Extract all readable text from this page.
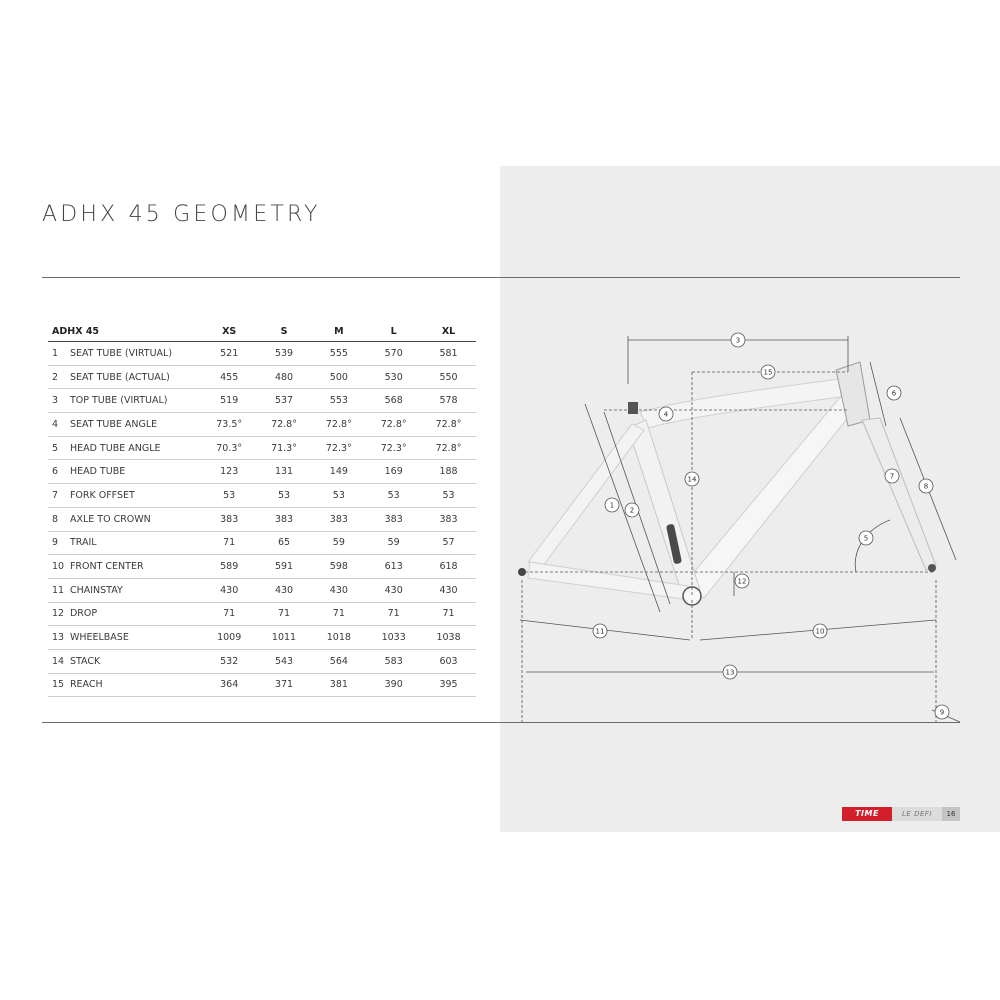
ADHX 45 GEOMETRY
ADHX 45		XS	S	M	L	XL
1	SEAT TUBE (VIRTUAL)	521	539	555	570	581
2	SEAT TUBE (ACTUAL)	455	480	500	530	550
3	TOP TUBE (VIRTUAL)	519	537	553	568	578
4	SEAT TUBE ANGLE	73.5°	72.8°	72.8°	72.8°	72.8°
5	HEAD TUBE ANGLE	70.3°	71.3°	72.3°	72.3°	72.8°
6	HEAD TUBE	123	131	149	169	188
7	FORK OFFSET	53	53	53	53	53
8	AXLE TO CROWN	383	383	383	383	383
9	TRAIL	71	65	59	59	57
10	FRONT CENTER	589	591	598	613	618
11	CHAINSTAY	430	430	430	430	430
12	DROP	71	71	71	71	71
13	WHEELBASE	1009	1011	1018	1033	1038
14	STACK	532	543	564	583	603
15	REACH	364	371	381	390	395
1
2
3
4
5
6
7
8
9
10
11
12
13
14
15
TIME	LE DEFI	16
